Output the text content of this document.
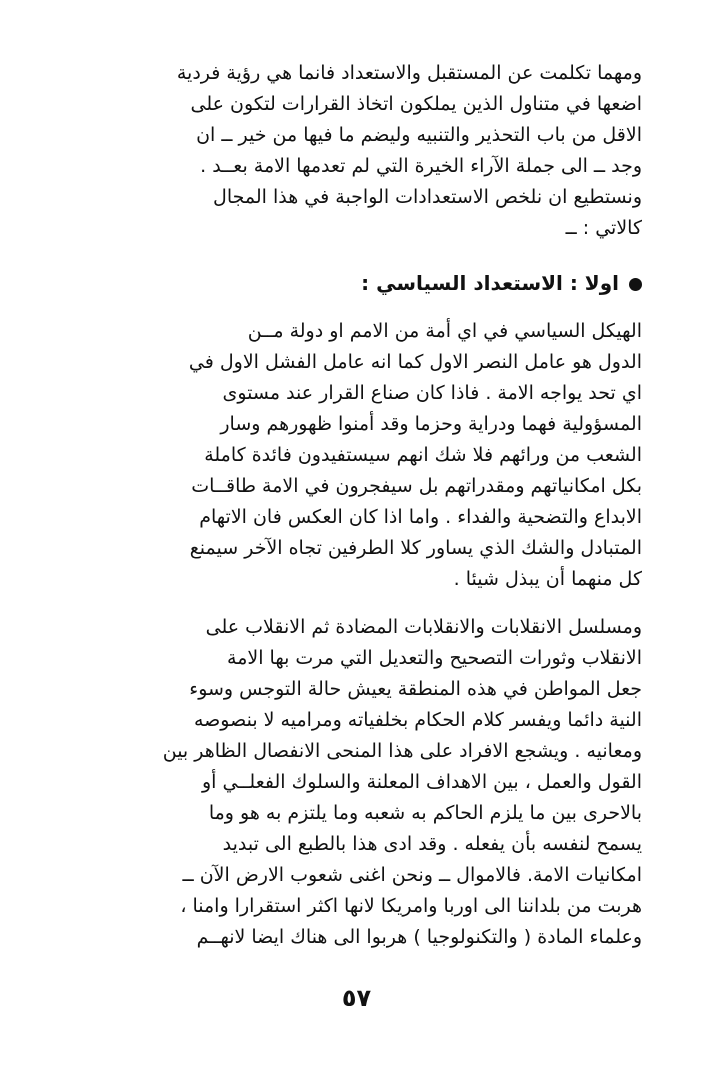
ومهما تكلمت عن المستقبل والاستعداد فانما هي رؤية فردية
اضعها في متناول الذين يملكون اتخاذ القرارات لتكون على
الاقل من باب التحذير والتنبيه وليضم ما فيها من خير ــ ان
وجد ــ الى جملة الآراء الخيرة التي لم تعدمها الامة بعــد .
ونستطيع ان نلخص الاستعدادات الواجبة في هذا المجال
كالاتي : ــ
اولا : الاستعداد السياسي :
الهيكل السياسي في اي أمة من الامم او دولة مــن
الدول هو عامل النصر الاول كما انه عامل الفشل الاول في
اي تحد يواجه الامة . فاذا كان صناع القرار عند مستوى
المسؤولية فهما ودراية وحزما وقد أمنوا ظهورهم وسار
الشعب من ورائهم فلا شك انهم سيستفيدون فائدة كاملة
بكل امكانياتهم ومقدراتهم بل سيفجرون في الامة طاقــات
الابداع والتضحية والفداء . واما اذا كان العكس فان الاتهام
المتبادل والشك الذي يساور كلا الطرفين تجاه الآخر سيمنع
كل منهما أن يبذل شيئا .
ومسلسل الانقلابات والانقلابات المضادة ثم الانقلاب على
الانقلاب وثورات التصحيح والتعديل التي مرت بها الامة
جعل المواطن في هذه المنطقة يعيش حالة التوجس وسوء
النية دائما ويفسر كلام الحكام بخلفياته ومراميه لا بنصوصه
ومعانيه . ويشجع الافراد على هذا المنحى الانفصال الظاهر بين
القول والعمل ، بين الاهداف المعلنة والسلوك الفعلــي أو
بالاحرى بين ما يلزم الحاكم به شعبه وما يلتزم به هو وما
يسمح لنفسه بأن يفعله . وقد ادى هذا بالطبع الى تبديد
امكانيات الامة. فالاموال ــ ونحن اغنى شعوب الارض الآن ــ
هربت من بلداننا الى اوربا وامريكا لانها اكثر استقرارا وامنا ،
وعلماء المادة ( والتكنولوجيا ) هربوا الى هناك ايضا لانهــم
٥٧
